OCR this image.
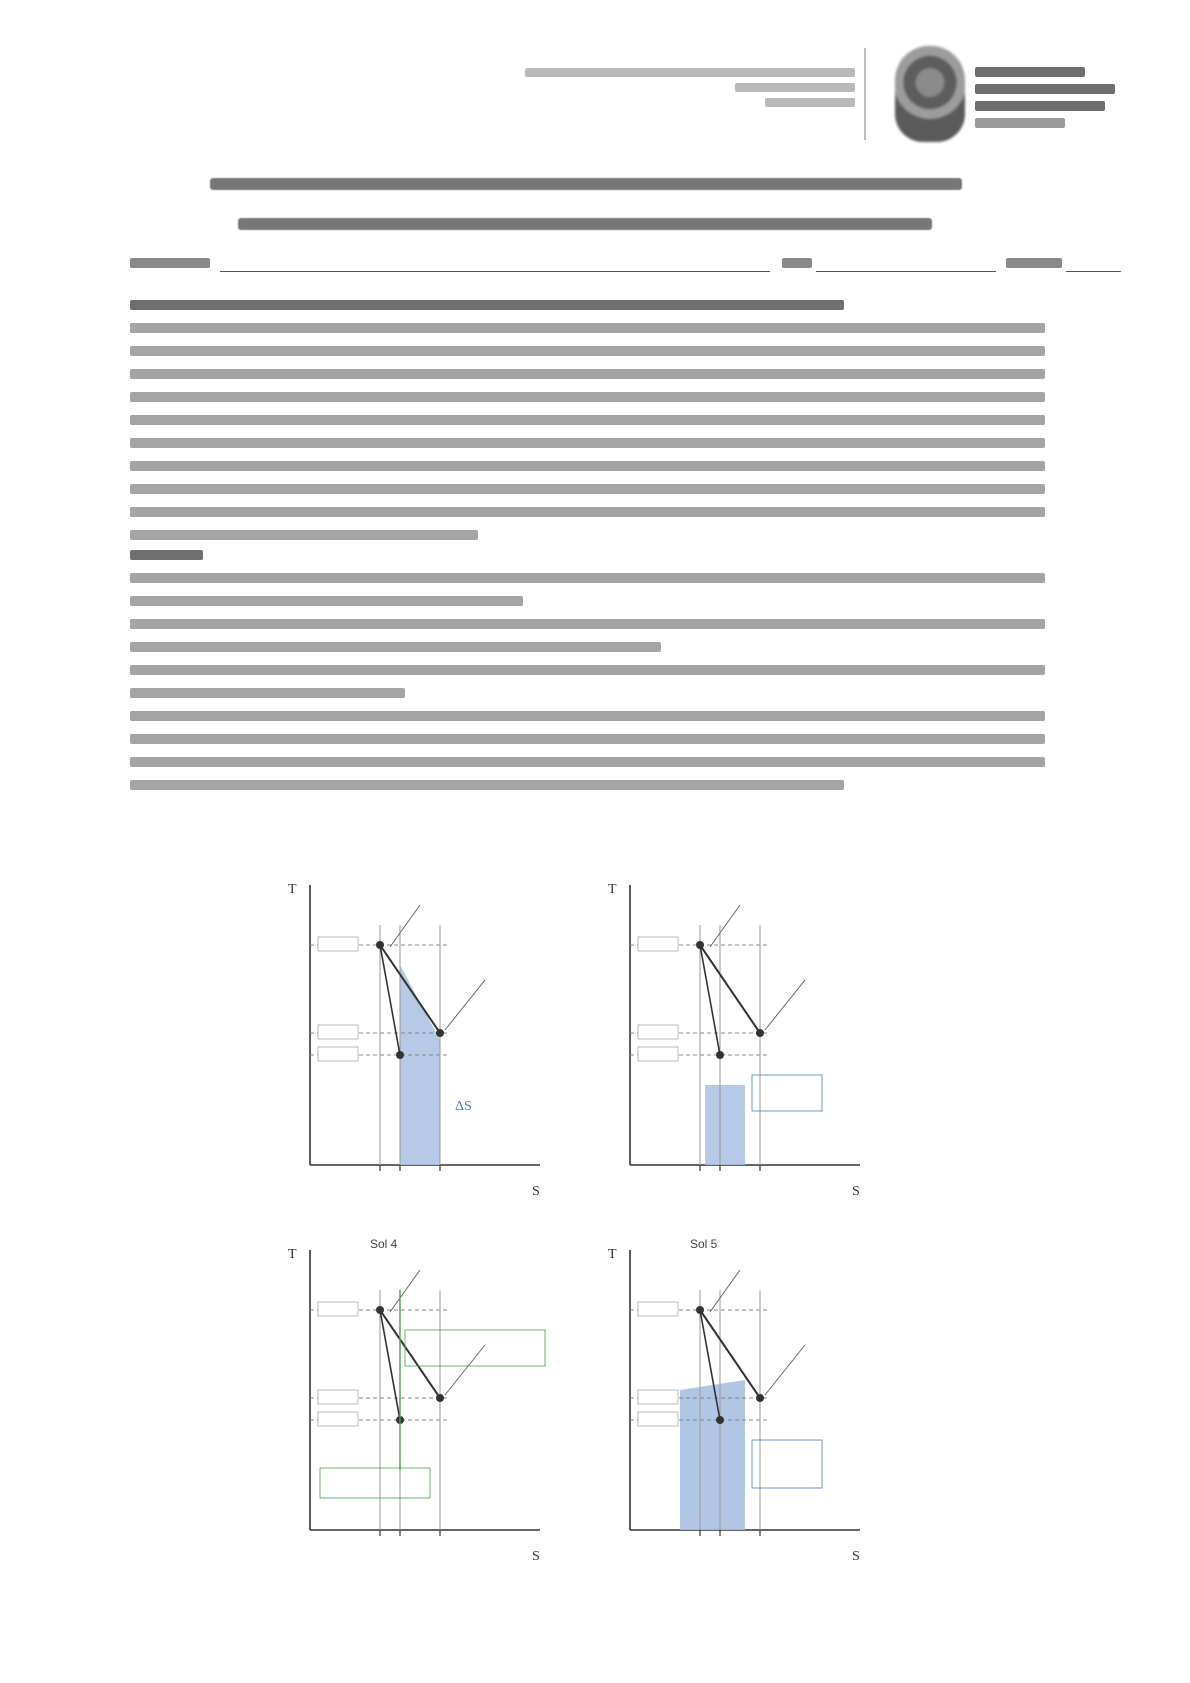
T
S
ΔS
T
S
T
S
Sol 4
T
S
Sol 5
